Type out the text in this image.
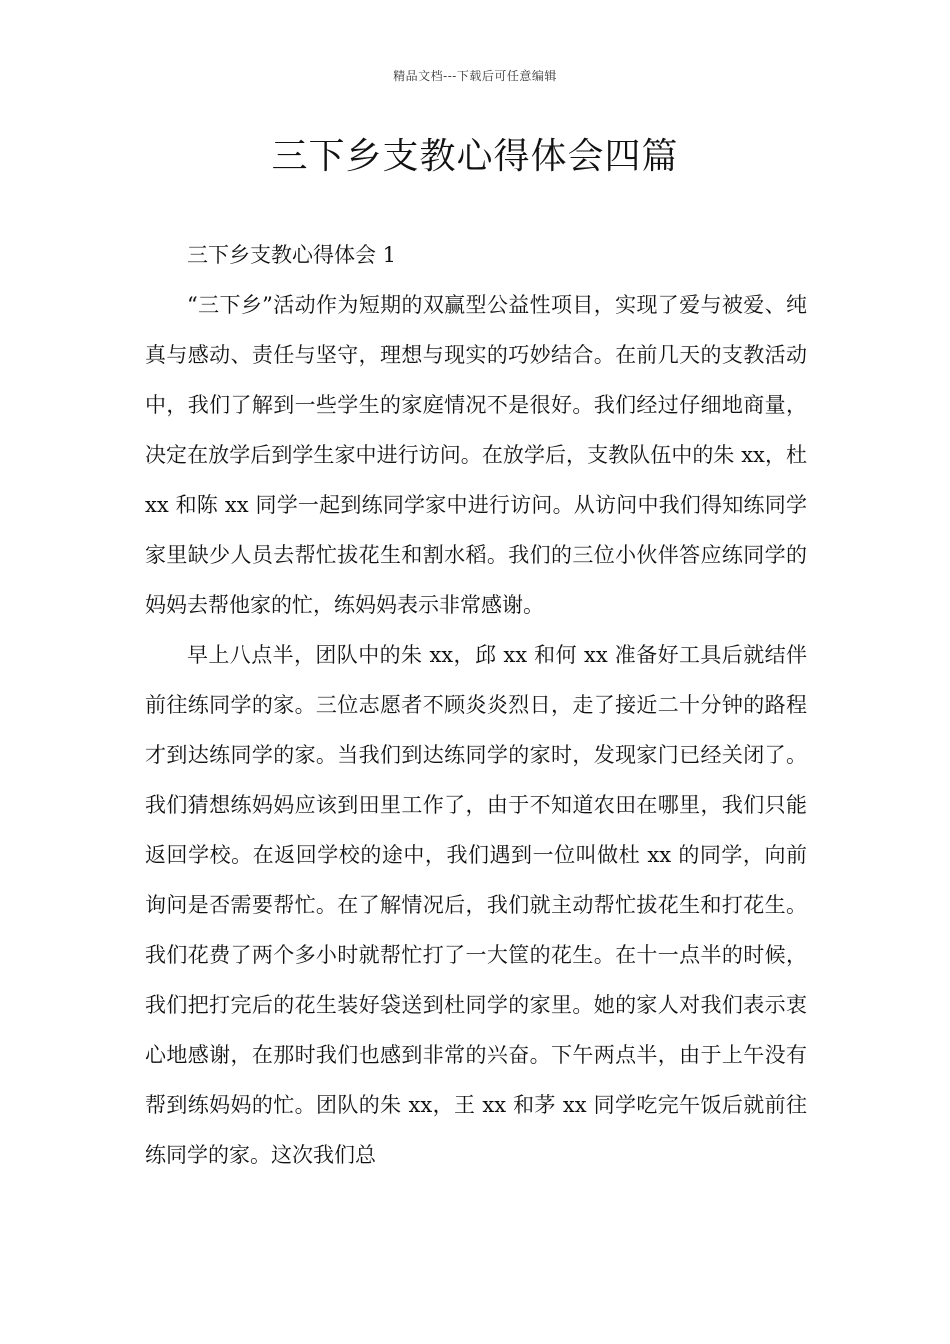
精品文档---下载后可任意编辑
三下乡支教心得体会四篇

三下乡支教心得体会 1

“三下乡”活动作为短期的双赢型公益性项目，实现了爱与被爱、纯真与感动、责任与坚守，理想与现实的巧妙结合。在前几天的支教活动中，我们了解到一些学生的家庭情况不是很好。我们经过仔细地商量，决定在放学后到学生家中进行访问。在放学后，支教队伍中的朱 xx，杜 xx 和陈 xx 同学一起到练同学家中进行访问。从访问中我们得知练同学家里缺少人员去帮忙拔花生和割水稻。我们的三位小伙伴答应练同学的妈妈去帮他家的忙，练妈妈表示非常感谢。

早上八点半，团队中的朱 xx，邱 xx 和何 xx 准备好工具后就结伴前往练同学的家。三位志愿者不顾炎炎烈日，走了接近二十分钟的路程才到达练同学的家。当我们到达练同学的家时，发现家门已经关闭了。我们猜想练妈妈应该到田里工作了，由于不知道农田在哪里，我们只能返回学校。在返回学校的途中，我们遇到一位叫做杜 xx 的同学，向前询问是否需要帮忙。在了解情况后，我们就主动帮忙拔花生和打花生。我们花费了两个多小时就帮忙打了一大筐的花生。在十一点半的时候，我们把打完后的花生装好袋送到杜同学的家里。她的家人对我们表示衷心地感谢，在那时我们也感到非常的兴奋。下午两点半，由于上午没有帮到练妈妈的忙。团队的朱 xx，王 xx 和茅 xx 同学吃完午饭后就前往练同学的家。这次我们总
